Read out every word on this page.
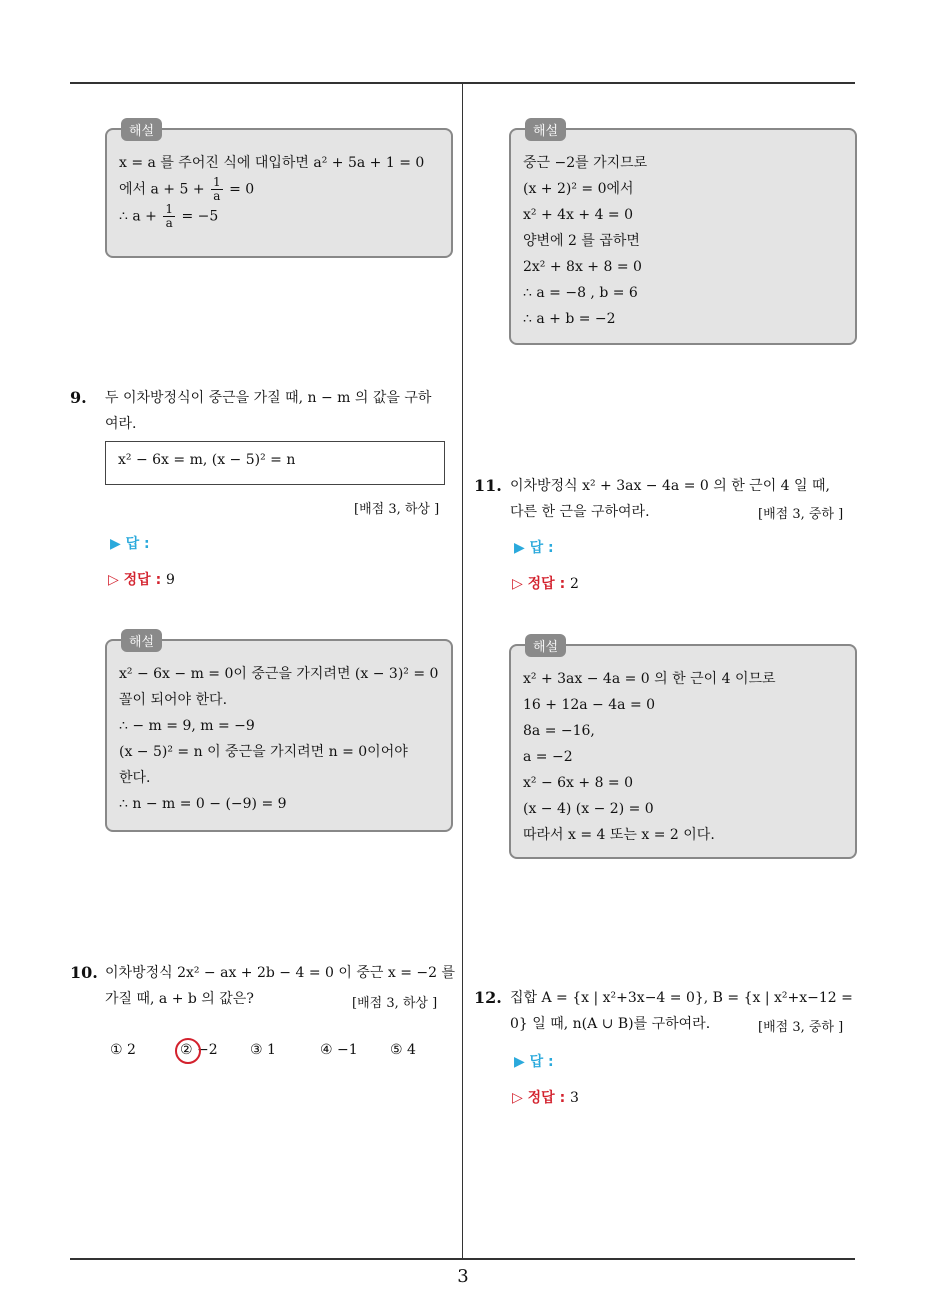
해설
x = a 를 주어진 식에 대입하면 a² + 5a + 1 = 0
에서 $a + 5 + \frac{1}{a} = 0$
∴ $a + \frac{1}{a} = -5$
해설
중근 −2를 가지므로
(x + 2)² = 0에서
x² + 4x + 4 = 0
양변에 2 를 곱하면
2x² + 8x + 8 = 0
∴ a = −8 , b = 6
∴ a + b = −2
9. 두 이차방정식이 중근을 가질 때, n − m 의 값을 구하
여라.
x² − 6x = m, (x − 5)² = n
[배점 3, 하상 ]
▶ 답 :
▷ 정답 : 9
해설
x² − 6x − m = 0이 중근을 가지려면 (x − 3)² = 0
꼴이 되어야 한다.
∴ − m = 9, m = −9
(x − 5)² = n 이 중근을 가지려면 n = 0이어야
한다.
∴ n − m = 0 − (−9) = 9
10. 이차방정식 2x² − ax + 2b − 4 = 0 이 중근 x = −2 를
가질 때, a + b 의 값은?	[배점 3, 하상 ]
① 2	② −2 ③ 1	④ −1 ⑤ 4
11. 이차방정식 x² + 3ax − 4a = 0 의 한 근이 4 일 때,
다른 한 근을 구하여라.	[배점 3, 중하 ]
▶ 답 :
▷ 정답 : 2
해설
x² + 3ax − 4a = 0 의 한 근이 4 이므로
16 + 12a − 4a = 0
8a = −16,
a = −2
x² − 6x + 8 = 0
(x − 4) (x − 2) = 0
따라서 x = 4 또는 x = 2 이다.
12. 집합 A = {x | x²+3x−4 = 0}, B = {x | x²+x−12 =
0} 일 때, n(A ∪ B)를 구하여라.	[배점 3, 중하 ]
▶ 답 :
▷ 정답 : 3
3
